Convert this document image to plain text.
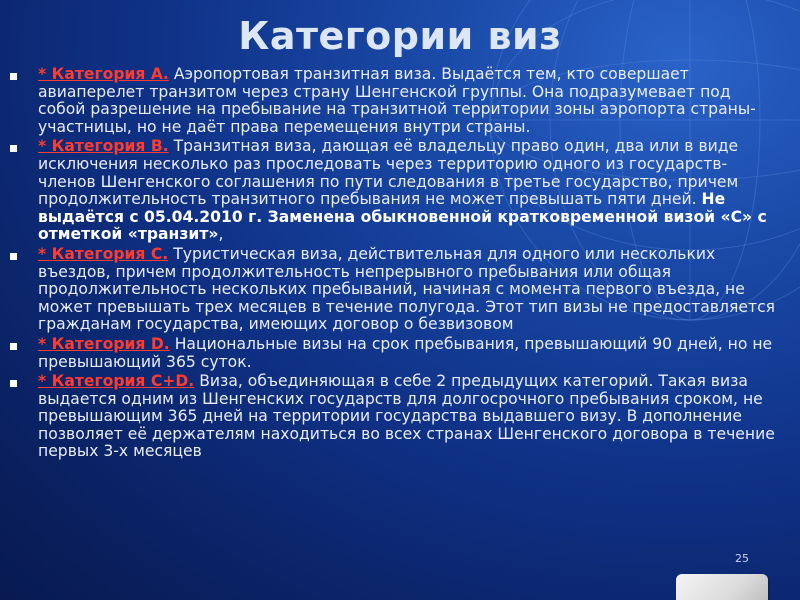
Категории виз
* Категория А. Аэропортовая транзитная виза. Выдаётся тем, кто совершает авиаперелет транзитом через страну Шенгенской группы. Она подразумевает под собой разрешение на пребывание на транзитной территории зоны аэропорта страны-участницы, но не даёт права перемещения внутри страны.
* Категория В. Транзитная виза, дающая её владельцу право один, два или в виде исключения несколько раз проследовать через территорию одного из государств-членов Шенгенского соглашения по пути следования в третье государство, причем продолжительность транзитного пребывания не может превышать пяти дней. Не выдаётся с 05.04.2010 г. Заменена обыкновенной кратковременной визой «С» с отметкой «транзит»,
* Категория С. Туристическая виза, действительная для одного или нескольких въездов, причем продолжительность непрерывного пребывания или общая продолжительность нескольких пребываний, начиная с момента первого въезда, не может превышать трех месяцев в течение полугода. Этот тип визы не предоставляется гражданам государства, имеющих договор о безвизовом
* Категория D. Национальные визы на срок пребывания, превышающий 90 дней, но не превышающий 365 суток.
* Категория С+D. Виза, объединяющая в себе 2 предыдущих категорий. Такая виза выдается одним из Шенгенских государств для долгосрочного пребывания сроком, не превышающим 365 дней на территории государства выдавшего визу. В дополнение позволяет её держателям находиться во всех странах Шенгенского договора в течение первых 3-х месяцев
25
